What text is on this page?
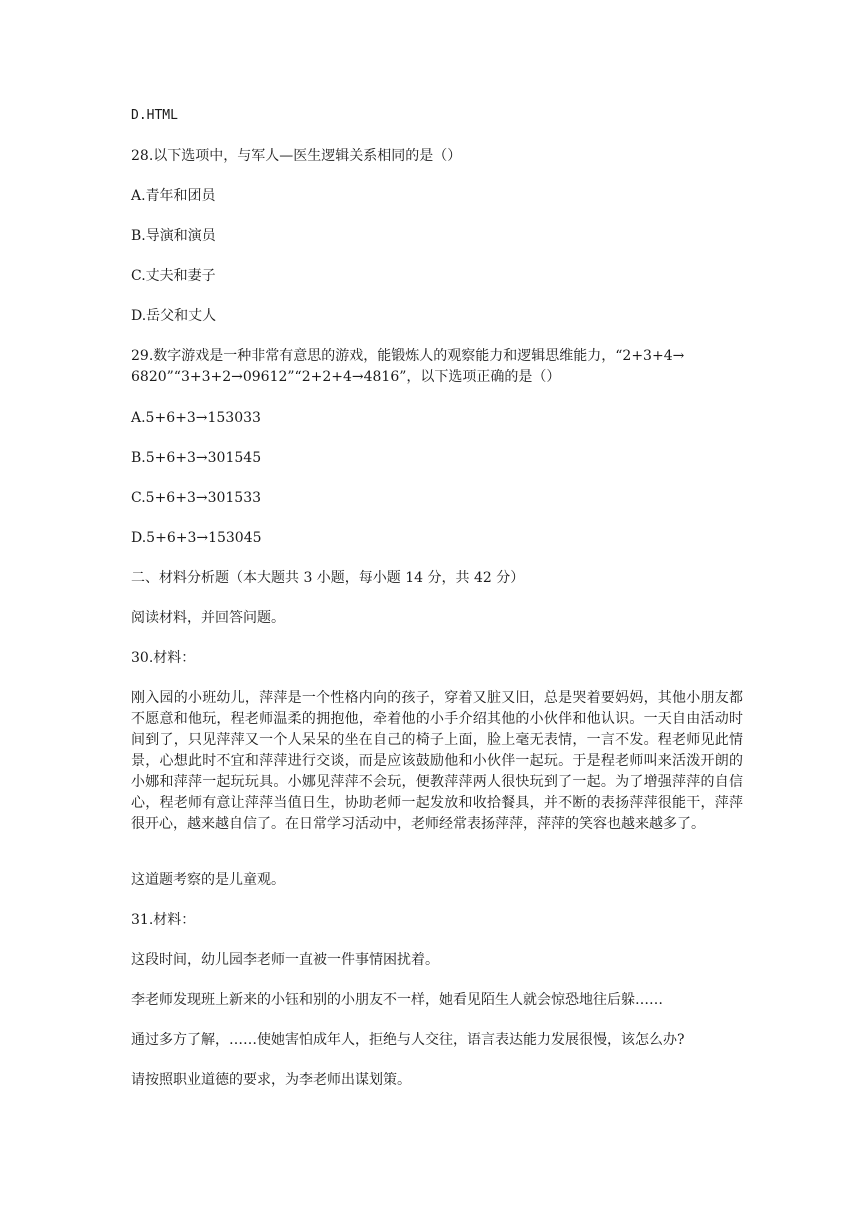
D.HTML

28.以下选项中，与军人—医生逻辑关系相同的是（）

A.青年和团员

B.导演和演员

C.丈夫和妻子

D.岳父和丈人

29.数字游戏是一种非常有意思的游戏，能锻炼人的观察能力和逻辑思维能力，“2+3+4→

6820”“3+3+2→09612”“2+2+4→4816”，以下选项正确的是（）

A.5+6+3→153033

B.5+6+3→301545

C.5+6+3→301533

D.5+6+3→153045

二、材料分析题（本大题共 3 小题，每小题 14 分，共 42 分）

阅读材料，并回答问题。

30.材料：

刚入园的小班幼儿，萍萍是一个性格内向的孩子，穿着又脏又旧，总是哭着要妈妈，其他小朋友都不愿意和他玩，程老师温柔的拥抱他，牵着他的小手介绍其他的小伙伴和他认识。一天自由活动时间到了，只见萍萍又一个人呆呆的坐在自己的椅子上面，脸上毫无表情，一言不发。程老师见此情景，心想此时不宜和萍萍进行交谈，而是应该鼓励他和小伙伴一起玩。于是程老师叫来活泼开朗的小娜和萍萍一起玩玩具。小娜见萍萍不会玩，便教萍萍两人很快玩到了一起。为了增强萍萍的自信心，程老师有意让萍萍当值日生，协助老师一起发放和收拾餐具，并不断的表扬萍萍很能干，萍萍很开心，越来越自信了。在日常学习活动中，老师经常表扬萍萍，萍萍的笑容也越来越多了。

这道题考察的是儿童观。

31.材料：

这段时间，幼儿园李老师一直被一件事情困扰着。

李老师发现班上新来的小钰和别的小朋友不一样，她看见陌生人就会惊恐地往后躲……

通过多方了解，……使她害怕成年人，拒绝与人交往，语言表达能力发展很慢，该怎么办?

请按照职业道德的要求，为李老师出谋划策。
